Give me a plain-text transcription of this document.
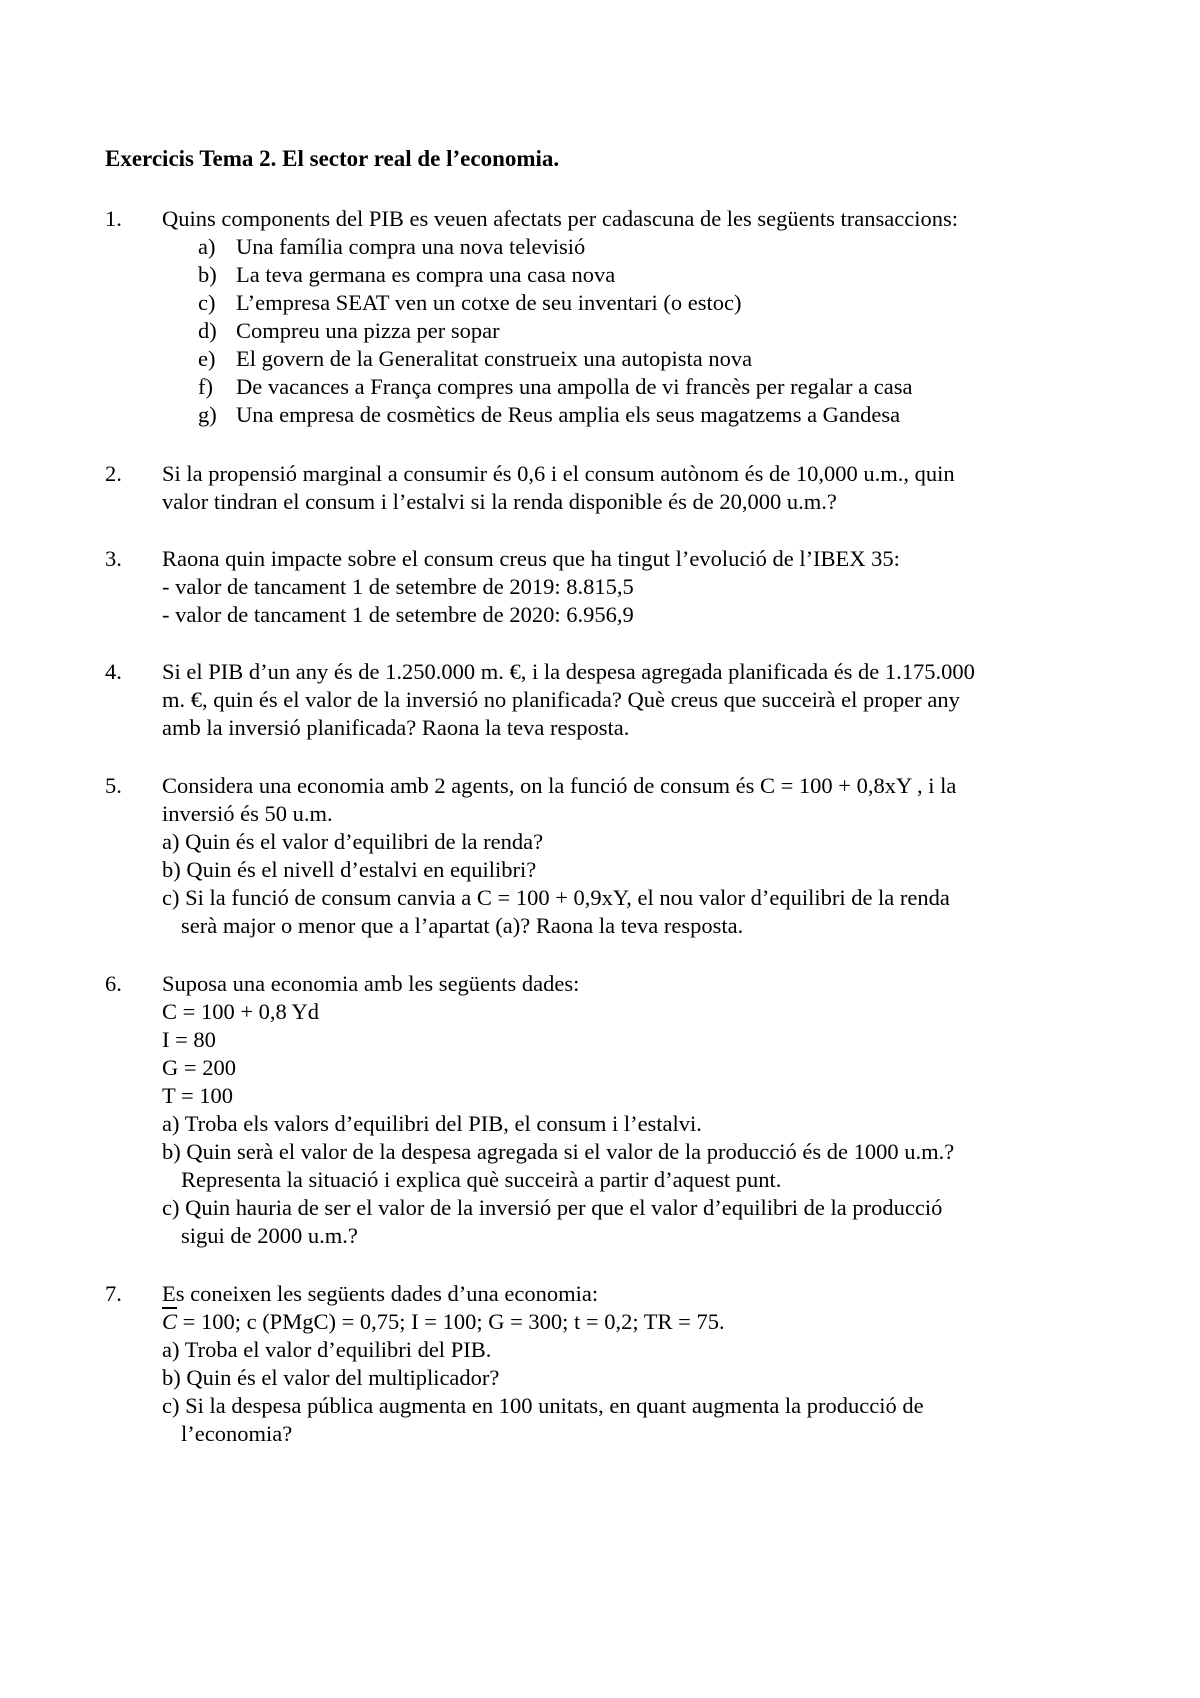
Exercicis Tema 2. El sector real de l’economia.
1. Quins components del PIB es veuen afectats per cadascuna de les següents transaccions:
a) Una família compra una nova televisió
b) La teva germana es compra una casa nova
c) L’empresa SEAT ven un cotxe de seu inventari (o estoc)
d) Compreu una pizza per sopar
e) El govern de la Generalitat construeix una autopista nova
f) De vacances a França compres una ampolla de vi francès per regalar a casa
g) Una empresa de cosmètics de Reus amplia els seus magatzems a Gandesa
2. Si la propensió marginal a consumir és 0,6 i el consum autònom és de 10,000 u.m., quin
valor tindran el consum i l’estalvi si la renda disponible és de 20,000 u.m.?
3. Raona quin impacte sobre el consum creus que ha tingut l’evolució de l’IBEX 35:
- valor de tancament 1 de setembre de 2019: 8.815,5
- valor de tancament 1 de setembre de 2020: 6.956,9
4. Si el PIB d’un any és de 1.250.000 m. €, i la despesa agregada planificada és de 1.175.000
m. €, quin és el valor de la inversió no planificada? Què creus que succeirà el proper any
amb la inversió planificada? Raona la teva resposta.
5. Considera una economia amb 2 agents, on la funció de consum és C = 100 + 0,8xY , i la
inversió és 50 u.m.
a) Quin és el valor d’equilibri de la renda?
b) Quin és el nivell d’estalvi en equilibri?
c) Si la funció de consum canvia a C = 100 + 0,9xY, el nou valor d’equilibri de la renda
serà major o menor que a l’apartat (a)? Raona la teva resposta.
6. Suposa una economia amb les següents dades:
C = 100 + 0,8 Yd
I = 80
G = 200
T = 100
a) Troba els valors d’equilibri del PIB, el consum i l’estalvi.
b) Quin serà el valor de la despesa agregada si el valor de la producció és de 1000 u.m.?
Representa la situació i explica què succeirà a partir d’aquest punt.
c) Quin hauria de ser el valor de la inversió per que el valor d’equilibri de la producció
sigui de 2000 u.m.?
7. Es coneixen les següents dades d’una economia:
$\overline{C} = 100$; c (PMgC) = 0,75; I = 100; G = 300; t = 0,2; TR = 75.
a) Troba el valor d’equilibri del PIB.
b) Quin és el valor del multiplicador?
c) Si la despesa pública augmenta en 100 unitats, en quant augmenta la producció de
l’economia?
